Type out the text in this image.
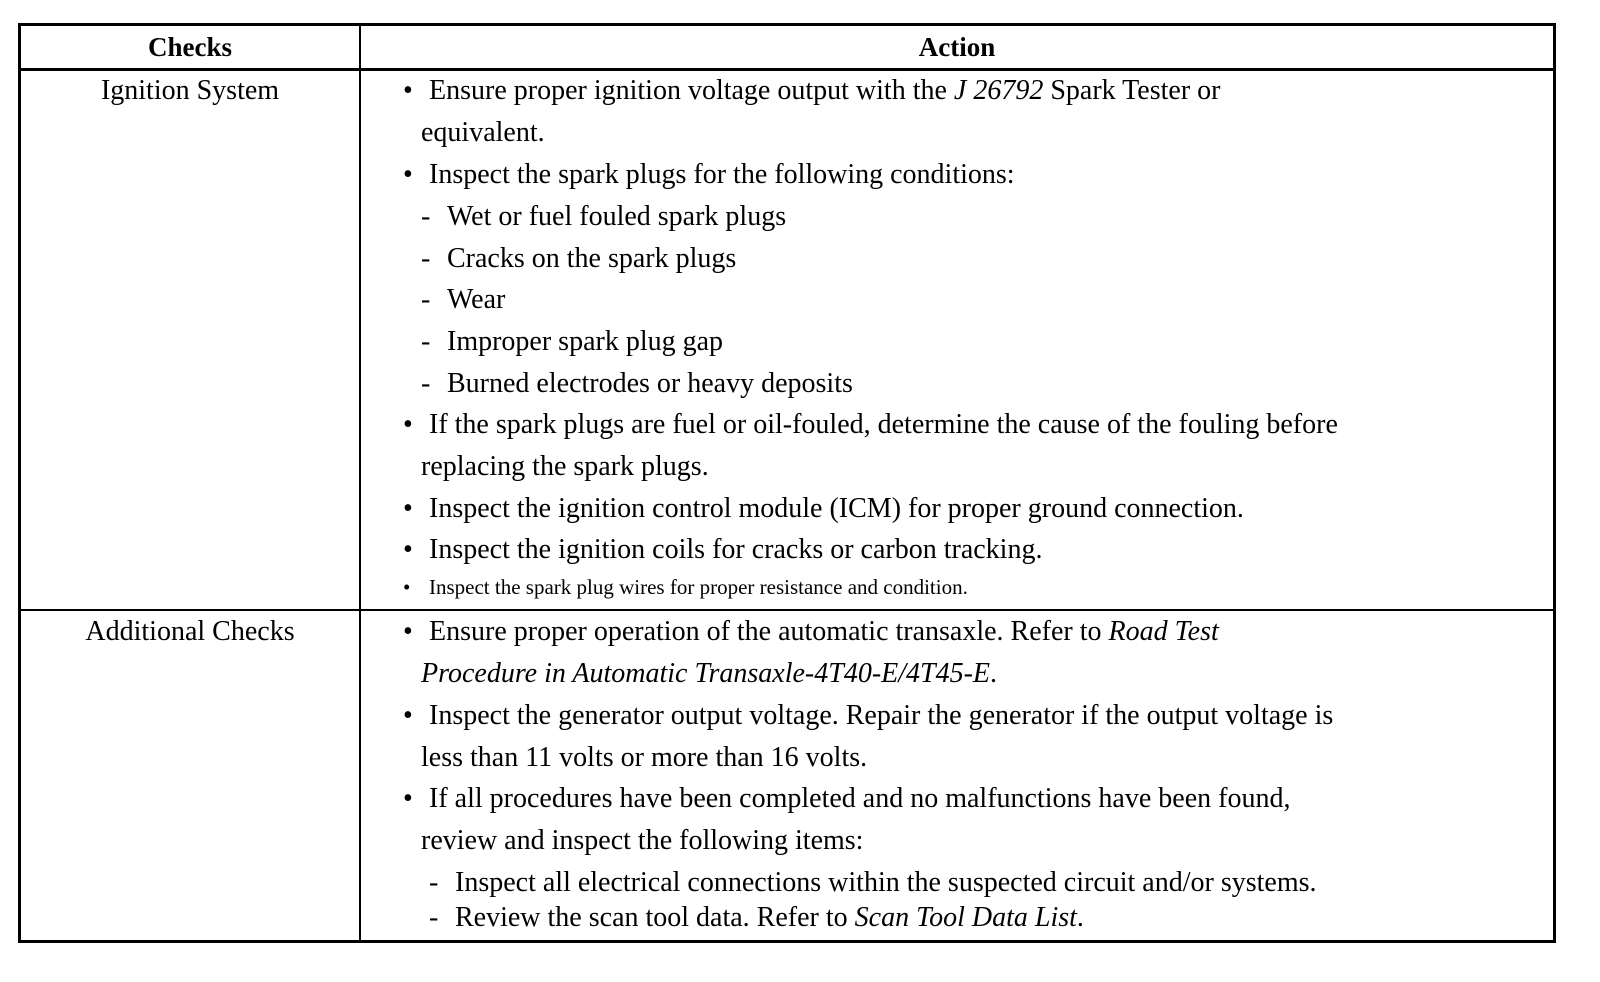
Checks	Action
Ignition System	• Ensure proper ignition voltage output with the J 26792 Spark Tester or
equivalent.
• Inspect the spark plugs for the following conditions:
- Wet or fuel fouled spark plugs
- Cracks on the spark plugs
- Wear
- Improper spark plug gap
- Burned electrodes or heavy deposits
• If the spark plugs are fuel or oil-fouled, determine the cause of the fouling before
replacing the spark plugs.
• Inspect the ignition control module (ICM) for proper ground connection.
• Inspect the ignition coils for cracks or carbon tracking.
• Inspect the spark plug wires for proper resistance and condition.
Additional Checks	• Ensure proper operation of the automatic transaxle. Refer to Road Test
Procedure in Automatic Transaxle-4T40-E/4T45-E.
• Inspect the generator output voltage. Repair the generator if the output voltage is
less than 11 volts or more than 16 volts.
• If all procedures have been completed and no malfunctions have been found,
review and inspect the following items:
- Inspect all electrical connections within the suspected circuit and/or systems.
- Review the scan tool data. Refer to Scan Tool Data List.
